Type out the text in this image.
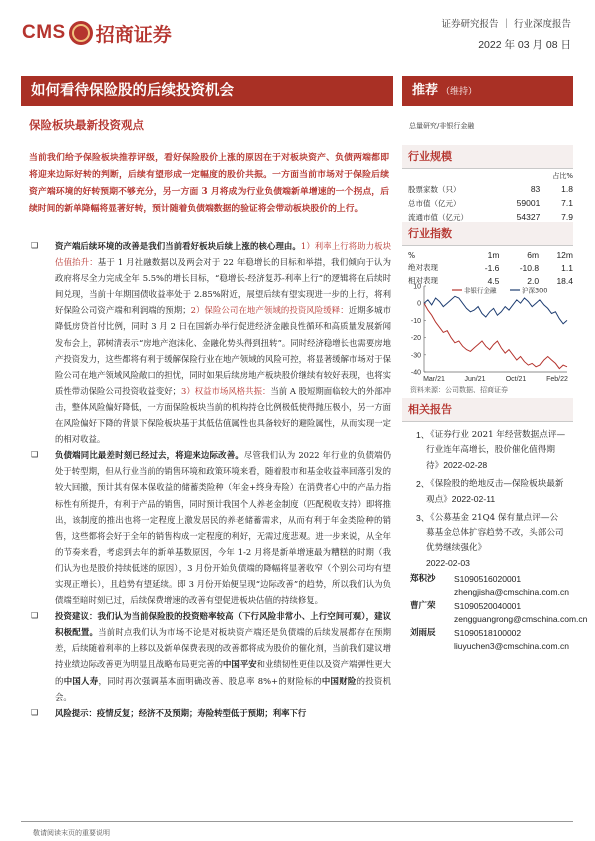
CMS 招商证券	证券研究报告 ｜ 行业深度报告
2022 年 03 月 08 日
如何看待保险股的后续投资机会	推荐 （维持）
保险板块最新投资观点	总量研究/非银行金融
当前我们给予保险板块推荐评级，看好保险股价上涨的原因在于对板块资产、负债两端都即将迎来边际好转的判断，后续有望形成一定幅度的股价共振。一方面当前市场对于保险后续资产端环境的好转预期不够充分，另一方面 3 月将成为行业负债端新单增速的一个拐点，后续时间的新单降幅将显著好转，预计随着负债端数据的验证将会带动板块股价的上行。
❑ 资产端后续环境的改善是我们当前看好板块后续上涨的核心理由。1）利率上行将助力板块估值抬升：基于 1 月社融数据以及两会对于 22 年稳增长的目标和举措，我们倾向于认为政府将尽全力完成全年 5.5%的增长目标，“稳增长-经济复苏-利率上行”的逻辑将在后续时间兑现，当前十年期国债收益率处于 2.85%附近，展望后续有望实现进一步的上行，将利好保险公司资产端和利润端的预期；2）保险公司在地产领域的投资风险缓释：近期多城市降低房贷首付比例，同时 3 月 2 日在国新办举行促进经济金融良性循环和高质量发展新闻发布会上，郭树清表示“房地产泡沫化、金融化势头得到扭转”。同时经济稳增长也需要房地产投资发力，这些都将有利于缓解保险行业在地产领域的风险可控，将显著缓解市场对于保险公司在地产领域风险敞口的担忧，同时如果后续房地产板块股价继续有较好表现，也将实质性带动保险公司投资收益变好；3）权益市场风格共振：当前 A 股短期面临较大的外部冲击，整体风险偏好降低，一方面保险板块当前的机构持仓比例极低使得抛压极小，另一方面在风险偏好下降的背景下保险板块基于其低估值属性也具备较好的避险属性，从而实现一定的相对收益。
❑ 负债端同比最差时刻已经过去，将迎来边际改善。尽管我们认为 2022 年行业的负债端仍处于转型期，但从行业当前的销售环境和政策环境来看，随着股市和基金收益率回落引发的较大回撤，预计其有保本保收益的储蓄类险种（年金+终身寿险）在消费者心中的产品力指标性有所提升，有利于产品的销售，同时预计我国个人养老金制度（匹配税收支持）即将推出，该制度的推出也将一定程度上激发居民的养老储蓄需求，从而有利于年金类险种的销售，这些都将会好于全年的销售构成一定程度的利好，无需过度悲观。进一步来说，从全年的节奏来看，考虑到去年的新单基数原因，今年 1-2 月将是新单增速最为糟糕的时期（我们认为也是股价持续低迷的原因），3 月份开始负债端的降幅将显著收窄（个别公司均有望实现正增长），且趋势有望延续。即 3 月份开始便呈现“边际改善”的趋势，所以我们认为负债端至暗时刻已过，后续保费增速的改善有望促进板块估值的持续修复。
❑ 投资建议：我们认为当前保险股的投资赔率较高（下行风险非常小、上行空间可观），建议积极配置。当前时点我们认为市场不论是对板块资产端还是负债端的后续发展都存在预期差，后续随着利率的上移以及新单保费表现的改善都将成为股价的催化剂，当前我们建议增持业绩边际改善更为明显且战略布局更完善的中国平安和业绩韧性更佳以及资产端弹性更大的中国人寿，同时再次强调基本面明确改善、股息率 8%+的财险标的中国财险的投资机会。
❑ 风险提示：疫情反复；经济不及预期；寿险转型低于预期；利率下行
行业规模
		占比%
股票家数（只）	83	1.8
总市值（亿元）	59001	7.1
流通市值（亿元）	54327	7.9
行业指数
%	1m	6m	12m
绝对表现	-1.6	-10.8	1.1
相对表现	4.5	2.0	18.4
-40
-30
-20
-10
0
10
Mar/21	Jun/21	Oct/21	Feb/22
非银行金融	沪深300
资料来源：公司数据、招商证券
相关报告
1、
《证券行业 2021 年经营数据点评—行业连年高增长，股价催化值得期待》2022-02-28
2、
《保险股的绝地反击—保险板块最新观点》2022-02-11
3、
《公募基金 21Q4 保有量点评—公募基金总体扩容趋势不改，头部公司优势继续强化》
2022-02-03
郑积沙	S1090516020001
zhengjisha@cmschina.com.cn
曹广荣	S1090520040001
zengguangrong@cmschina.com.cn
刘雨辰	S1090518100002
liuyuchen3@cmschina.com.cn
敬请阅读末页的重要说明
